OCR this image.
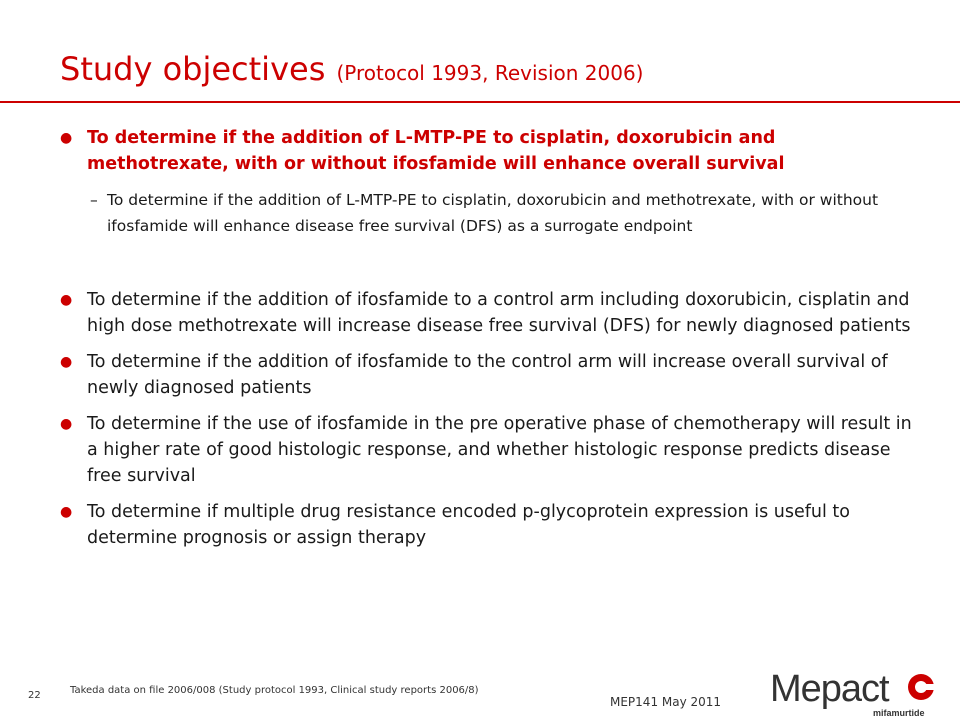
Study objectives (Protocol 1993, Revision 2006)
● To determine if the addition of L-MTP-PE to cisplatin, doxorubicin and methotrexate, with or without ifosfamide will enhance overall survival
– To determine if the addition of L-MTP-PE to cisplatin, doxorubicin and methotrexate, with or without ifosfamide will enhance disease free survival (DFS) as a surrogate endpoint
● To determine if the addition of ifosfamide to a control arm including doxorubicin, cisplatin and high dose methotrexate will increase disease free survival (DFS) for newly diagnosed patients
● To determine if the addition of ifosfamide to the control arm will increase overall survival of newly diagnosed patients
● To determine if the use of ifosfamide in the pre operative phase of chemotherapy will result in a higher rate of good histologic response, and whether histologic response predicts disease free survival
● To determine if multiple drug resistance encoded p-glycoprotein expression is useful to determine prognosis or assign therapy
22	Takeda data on file 2006/008 (Study protocol 1993, Clinical study reports 2006/8)
MEP141 May 2011 Mepact
mifamurtide
